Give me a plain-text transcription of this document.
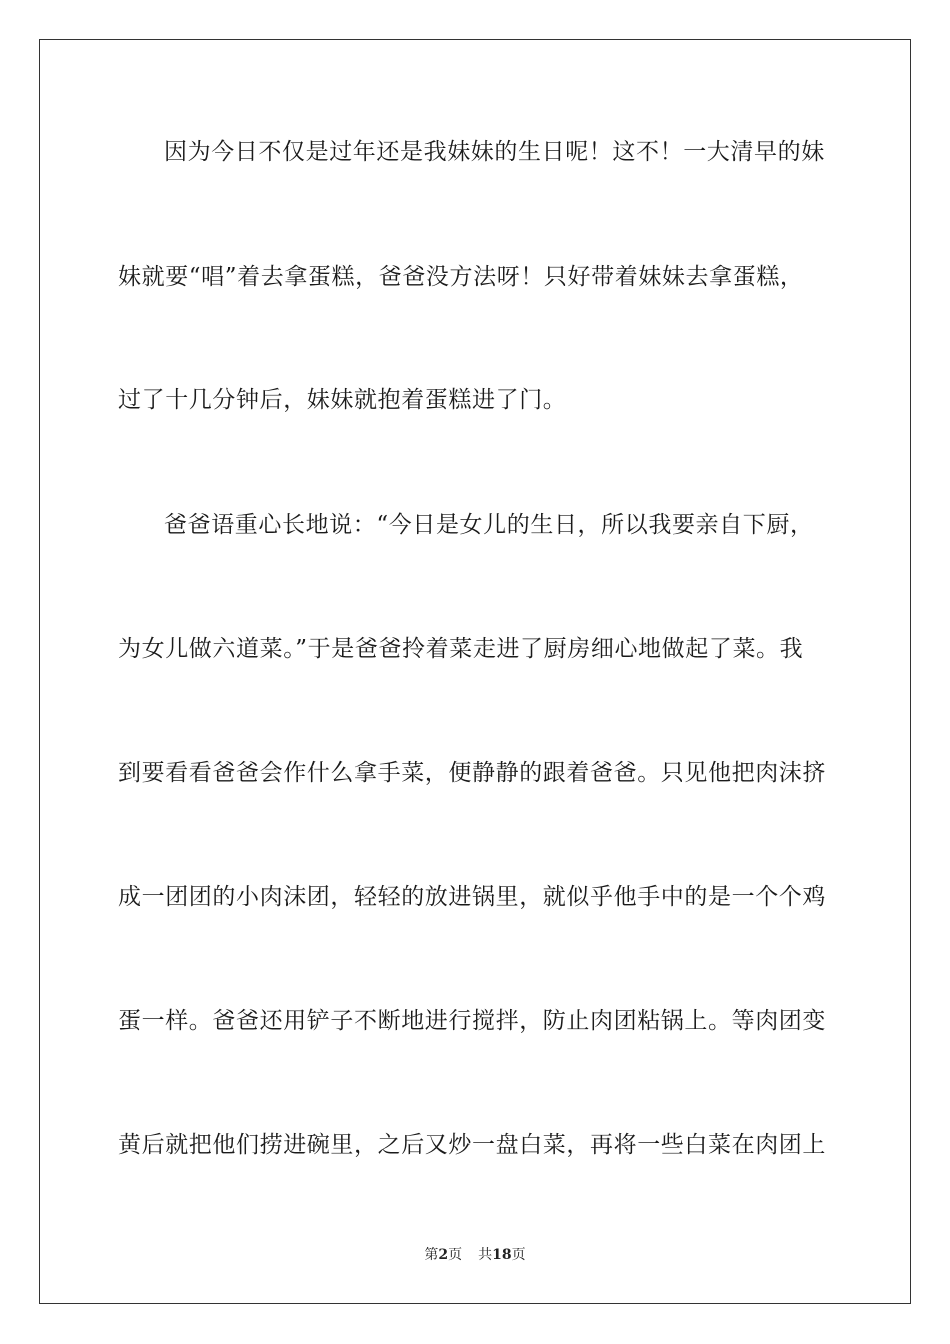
因为今日不仅是过年还是我妹妹的生日呢！这不！一大清早的妹
妹就要“唱”着去拿蛋糕，爸爸没方法呀！只好带着妹妹去拿蛋糕，
过了十几分钟后，妹妹就抱着蛋糕进了门。
爸爸语重心长地说：“今日是女儿的生日，所以我要亲自下厨，
为女儿做六道菜。”于是爸爸拎着菜走进了厨房细心地做起了菜。我
到要看看爸爸会作什么拿手菜，便静静的跟着爸爸。只见他把肉沫挤
成一团团的小肉沫团，轻轻的放进锅里，就似乎他手中的是一个个鸡
蛋一样。爸爸还用铲子不断地进行搅拌，防止肉团粘锅上。等肉团变
黄后就把他们捞进碗里，之后又炒一盘白菜，再将一些白菜在肉团上
第2页 共18页
